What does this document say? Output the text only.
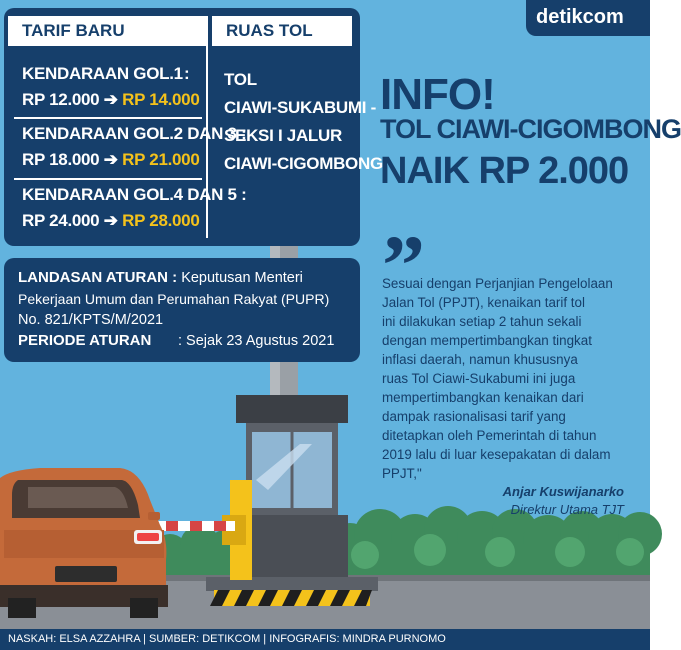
TARIF BARU	RUAS TOL
KENDARAAN GOL.1 :
RP 12.000 ➔ RP 14.000
KENDARAAN GOL.2 DAN 3 :
RP 18.000 ➔ RP 21.000
KENDARAAN GOL.4 DAN 5 :
RP 24.000 ➔ RP 28.000
TOL
CIAWI-SUKABUMI -
SEKSI I JALUR
CIAWI-CIGOMBONG
LANDASAN ATURAN : Keputusan Menteri
Pekerjaan Umum dan Perumahan Rakyat (PUPR)
No. 821/KPTS/M/2021
PERIODE ATURAN : Sejak 23 Agustus 2021
detikcom
INFO!
TOL CIAWI-CIGOMBONG
NAIK RP 2.000
”
Sesuai dengan Perjanjian Pengelolaan
Jalan Tol (PPJT), kenaikan tarif tol
ini dilakukan setiap 2 tahun sekali
dengan mempertimbangkan tingkat
inflasi daerah, namun khususnya
ruas Tol Ciawi-Sukabumi ini juga
mempertimbangkan kenaikan dari
dampak rasionalisasi tarif yang
ditetapkan oleh Pemerintah di tahun
2019 lalu di luar kesepakatan di dalam
PPJT,"
Anjar Kuswijanarko
Direktur Utama TJT
NASKAH: ELSA AZZAHRA | SUMBER: DETIKCOM | INFOGRAFIS: MINDRA PURNOMO
